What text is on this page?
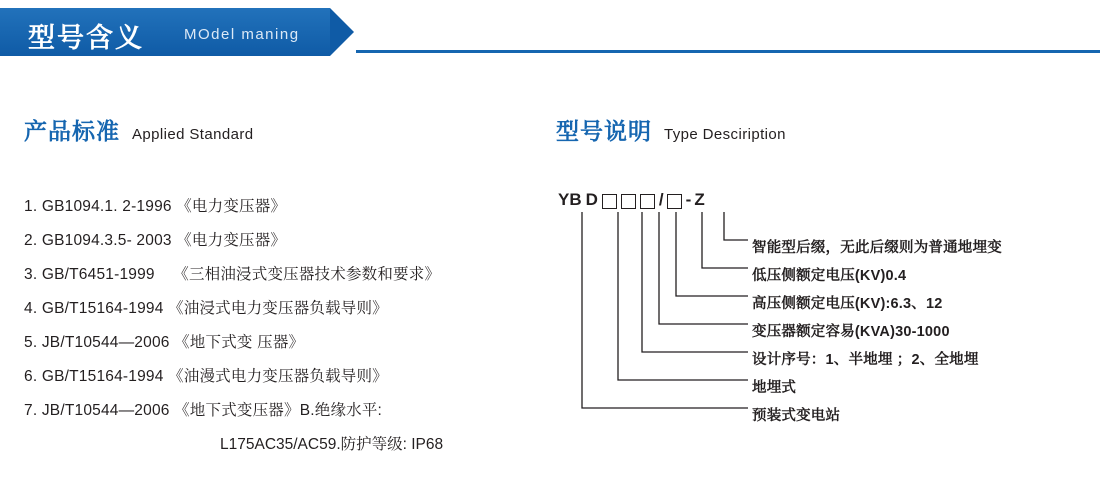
型号含义	MOdel maning
产品标准 Applied Standard	型号说明 Type Desciription
1. GB1094.1. 2-1996 《电力变压器》
2. GB1094.3.5- 2003 《电力变压器》
3. GB/T6451-1999 《三相油浸式变压器技术参数和要求》
4. GB/T15164-1994 《油浸式电力变压器负载导则》
5. JB/T10544—2006 《地下式变 压器》
6. GB/T15164-1994 《油漫式电力变压器负载导则》
7. JB/T10544—2006 《地下式变压器》B.绝缘水平:
L175AC35/AC59.防护等级: IP68
YB D	/ - Z
智能型后缀，无此后缀则为普通地埋变
低压侧额定电压(KV)0.4
高压侧额定电压(KV):6.3、12
变压器额定容易(KVA)30-1000
设计序号：1、半地埋 ；2、全地埋
地埋式
预装式变电站
